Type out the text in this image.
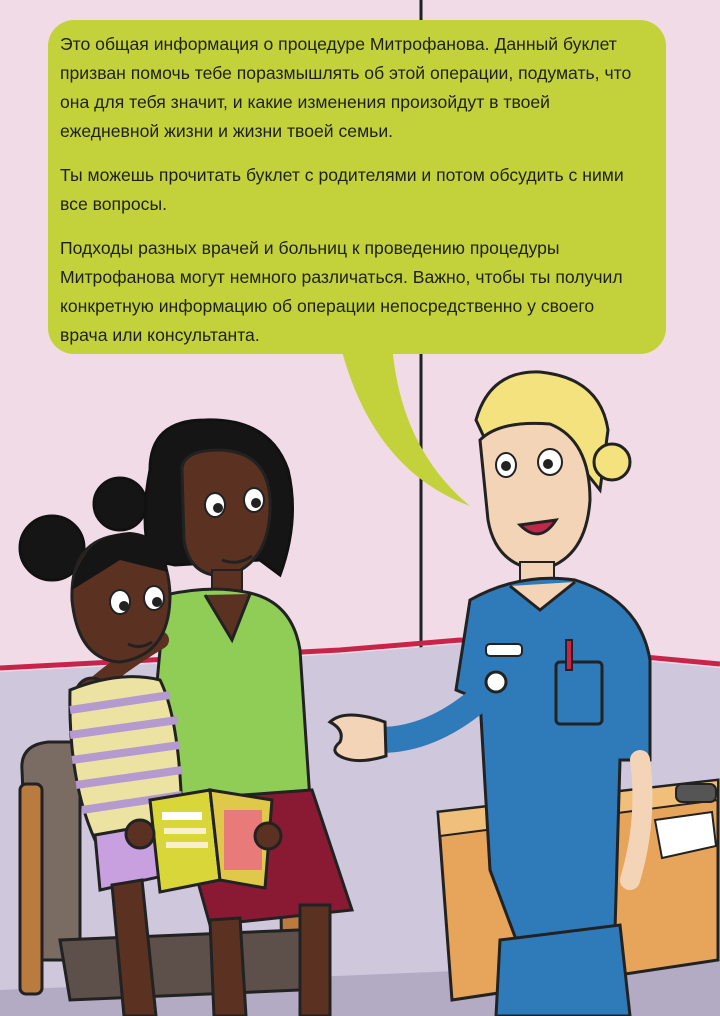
Это общая информация о процедуре Митрофанова. Данный буклет призван помочь тебе поразмышлять об этой операции, подумать, что она для тебя значит, и какие изменения произойдут в твоей ежедневной жизни и жизни твоей семьи.

Ты можешь прочитать буклет с родителями и потом обсудить с ними все вопросы.

Подходы разных врачей и больниц к проведению процедуры Митрофанова могут немного различаться. Важно, чтобы ты получил конкретную информацию об операции непосредственно у своего врача или консультанта.
